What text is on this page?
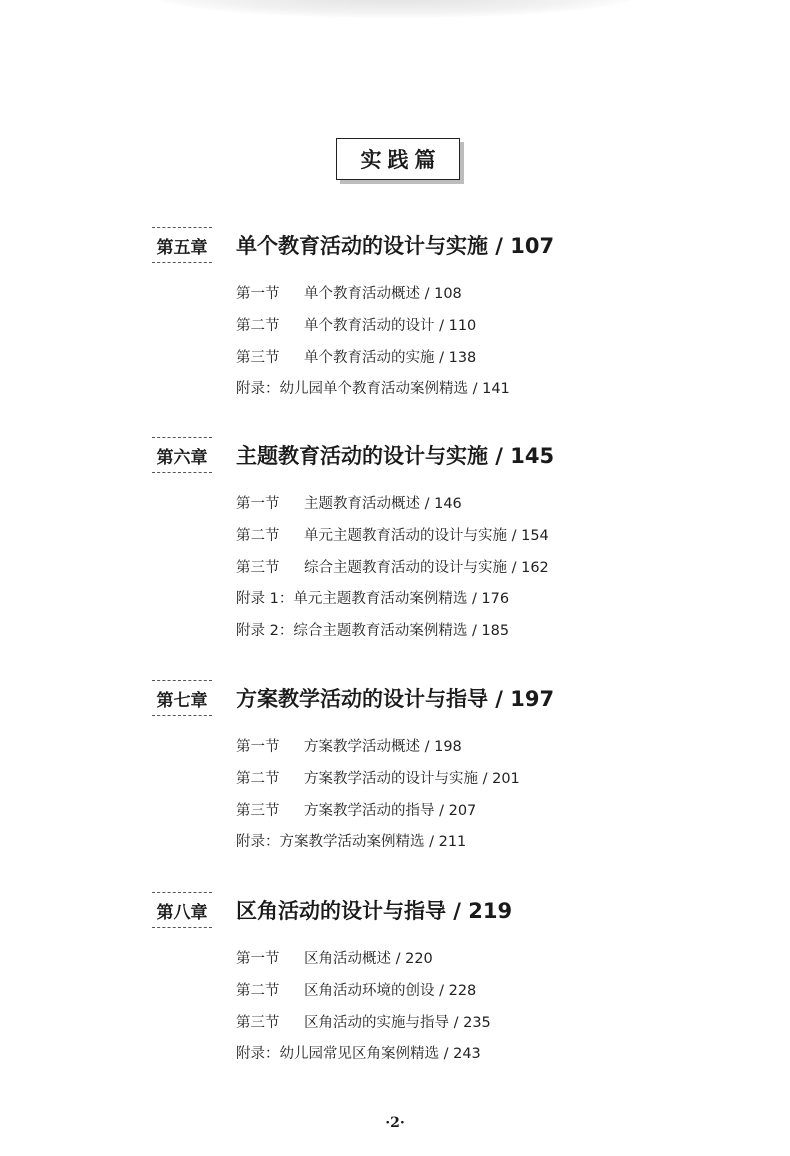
实践篇
第五章 单个教育活动的设计与实施 / 107
第一节	单个教育活动概述 / 108
第二节	单个教育活动的设计 / 110
第三节	单个教育活动的实施 / 138
附录：幼儿园单个教育活动案例精选 / 141
第六章 主题教育活动的设计与实施 / 145
第一节	主题教育活动概述 / 146
第二节	单元主题教育活动的设计与实施 / 154
第三节	综合主题教育活动的设计与实施 / 162
附录 1：单元主题教育活动案例精选 / 176
附录 2：综合主题教育活动案例精选 / 185
第七章 方案教学活动的设计与指导 / 197
第一节	方案教学活动概述 / 198
第二节	方案教学活动的设计与实施 / 201
第三节	方案教学活动的指导 / 207
附录：方案教学活动案例精选 / 211
第八章 区角活动的设计与指导 / 219
第一节	区角活动概述 / 220
第二节	区角活动环境的创设 / 228
第三节	区角活动的实施与指导 / 235
附录：幼儿园常见区角案例精选 / 243
·2·
